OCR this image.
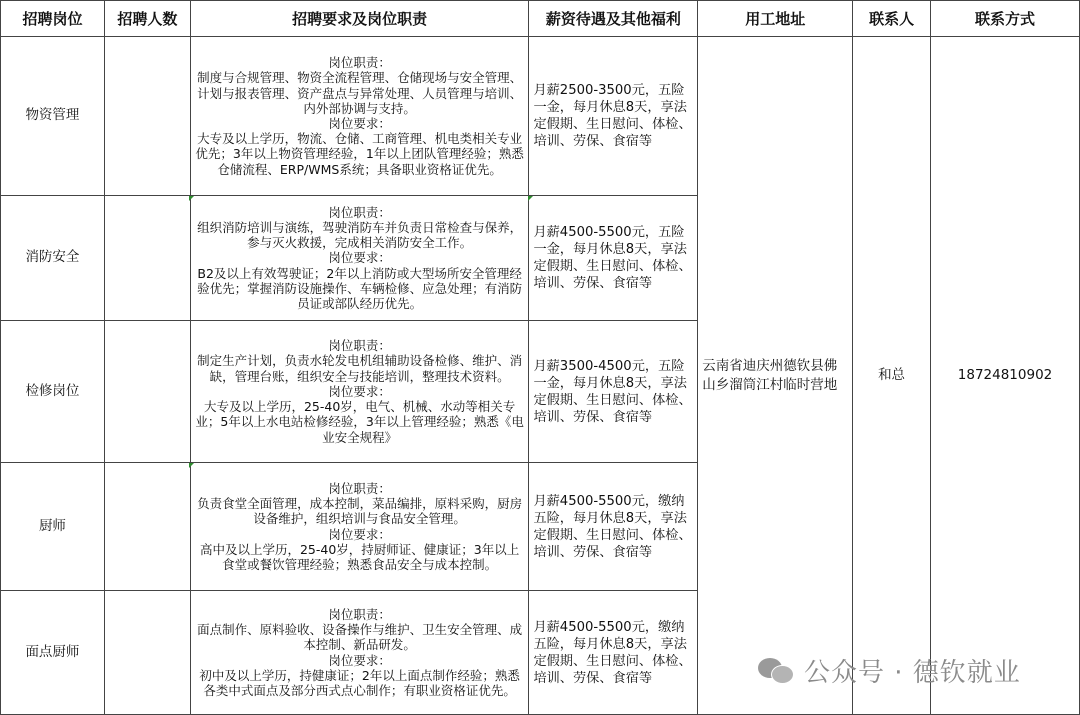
招聘岗位	招聘人数	招聘要求及岗位职责	薪资待遇及其他福利	用工地址	联系人	联系方式
物资管理		岗位职责：
制度与合规管理、物资全流程管理、仓储现场与安全管理、计划与报表管理、资产盘点与异常处理、人员管理与培训、内外部协调与支持。
岗位要求：
大专及以上学历，物流、仓储、工商管理、机电类相关专业优先；3年以上物资管理经验，1年以上团队管理经验；熟悉仓储流程、ERP/WMS系统；具备职业资格证优先。	月薪2500-3500元，五险一金，每月休息8天，享法定假期、生日慰问、体检、培训、劳保、食宿等	云南省迪庆州德钦县佛山乡溜筒江村临时营地	和总	18724810902
消防安全		岗位职责：
组织消防培训与演练，驾驶消防车并负责日常检查与保养，参与灭火救援，完成相关消防安全工作。
岗位要求：
B2及以上有效驾驶证；2年以上消防或大型场所安全管理经验优先；掌握消防设施操作、车辆检修、应急处理；有消防员证或部队经历优先。	月薪4500-5500元，五险一金，每月休息8天，享法定假期、生日慰问、体检、培训、劳保、食宿等			
检修岗位		岗位职责：
制定生产计划，负责水轮发电机组辅助设备检修、维护、消缺，管理台账，组织安全与技能培训，整理技术资料。
岗位要求：
大专及以上学历，25-40岁，电气、机械、水动等相关专业；5年以上水电站检修经验，3年以上管理经验；熟悉《电业安全规程》	月薪3500-4500元，五险一金，每月休息8天，享法定假期、生日慰问、体检、培训、劳保、食宿等			
厨师		岗位职责：
负责食堂全面管理，成本控制，菜品编排，原料采购，厨房设备维护，组织培训与食品安全管理。
岗位要求：
高中及以上学历，25-40岁，持厨师证、健康证；3年以上食堂或餐饮管理经验；熟悉食品安全与成本控制。	月薪4500-5500元，缴纳五险，每月休息8天，享法定假期、生日慰问、体检、培训、劳保、食宿等			
面点厨师		岗位职责：
面点制作、原料验收、设备操作与维护、卫生安全管理、成本控制、新品研发。
岗位要求：
初中及以上学历，持健康证；2年以上面点制作经验；熟悉各类中式面点及部分西式点心制作；有职业资格证优先。	月薪4500-5500元，缴纳五险，每月休息8天，享法定假期、生日慰问、体检、培训、劳保、食宿等				公众号 · 德钦就业
